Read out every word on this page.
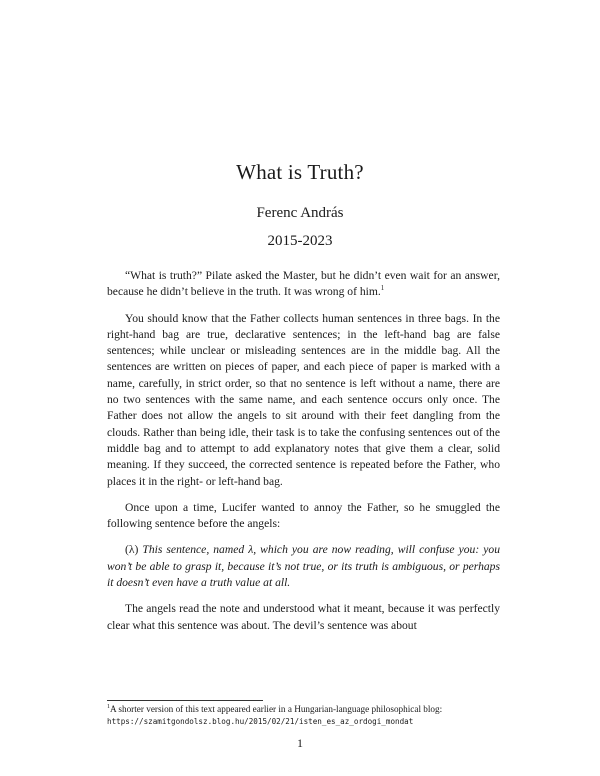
What is Truth?
Ferenc András
2015-2023

“What is truth?” Pilate asked the Master, but he didn’t even wait for an answer, because he didn’t believe in the truth. It was wrong of him.$^1$

You should know that the Father collects human sentences in three bags. In the right-hand bag are true, declarative sentences; in the left-hand bag are false sentences; while unclear or misleading sentences are in the middle bag. All the sentences are written on pieces of paper, and each piece of paper is marked with a name, carefully, in strict order, so that no sentence is left without a name, there are no two sentences with the same name, and each sentence occurs only once. The Father does not allow the angels to sit around with their feet dangling from the clouds. Rather than being idle, their task is to take the confusing sentences out of the middle bag and to attempt to add explanatory notes that give them a clear, solid meaning. If they succeed, the corrected sentence is repeated before the Father, who places it in the right- or left-hand bag.

Once upon a time, Lucifer wanted to annoy the Father, so he smuggled the following sentence before the angels:

(λ) This sentence, named λ, which you are now reading, will confuse you: you won’t be able to grasp it, because it’s not true, or its truth is ambiguous, or perhaps it doesn’t even have a truth value at all.

The angels read the note and understood what it meant, because it was perfectly clear what this sentence was about. The devil’s sentence was about

$^1$A shorter version of this text appeared earlier in a Hungarian-language philosophical blog: https://szamitgondolsz.blog.hu/2015/02/21/isten_es_az_ordogi_mondat
1
